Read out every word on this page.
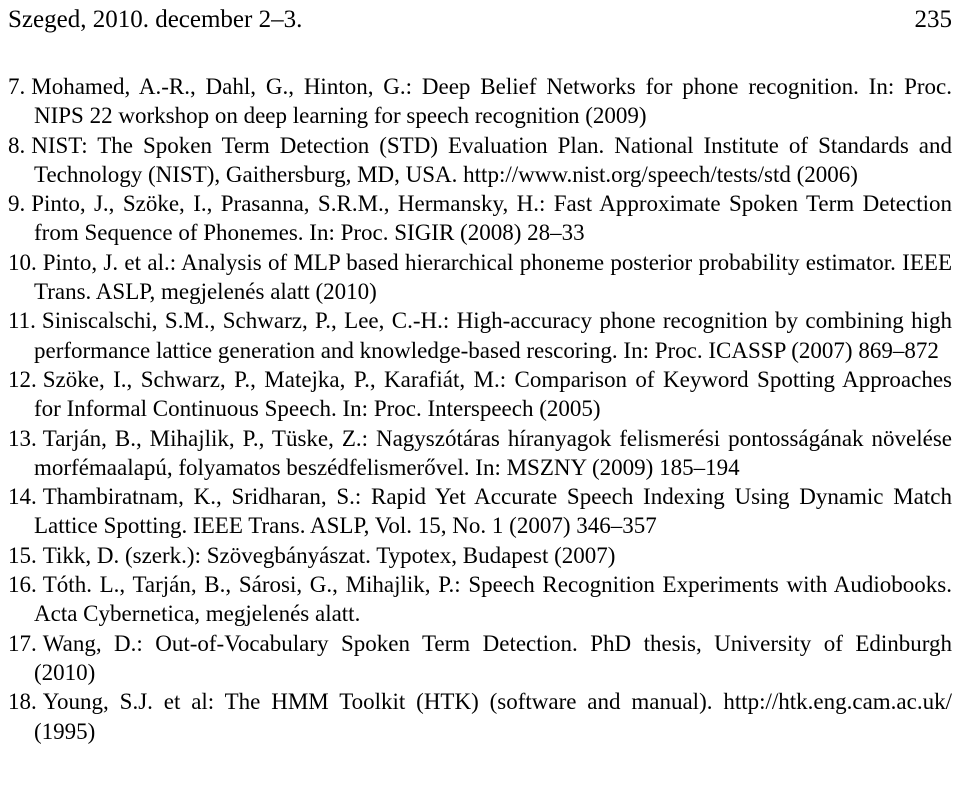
Szeged, 2010. december 2–3.	235
7. Mohamed, A.-R., Dahl, G., Hinton, G.: Deep Belief Networks for phone recognition. In: Proc. NIPS 22 workshop on deep learning for speech recognition (2009)
8. NIST: The Spoken Term Detection (STD) Evaluation Plan. National Institute of Standards and Technology (NIST), Gaithersburg, MD, USA. http://www.nist.org/speech/tests/std (2006)
9. Pinto, J., Szöke, I., Prasanna, S.R.M., Hermansky, H.: Fast Approximate Spoken Term Detection from Sequence of Phonemes. In: Proc. SIGIR (2008) 28–33
10. Pinto, J. et al.: Analysis of MLP based hierarchical phoneme posterior probability estimator. IEEE Trans. ASLP, megjelenés alatt (2010)
11. Siniscalschi, S.M., Schwarz, P., Lee, C.-H.: High-accuracy phone recognition by combining high performance lattice generation and knowledge-based rescoring. In: Proc. ICASSP (2007) 869–872
12. Szöke, I., Schwarz, P., Matejka, P., Karafiát, M.: Comparison of Keyword Spotting Approaches for Informal Continuous Speech. In: Proc. Interspeech (2005)
13. Tarján, B., Mihajlik, P., Tüske, Z.: Nagyszótáras híranyagok felismerési pontosságának növelése morfémaalapú, folyamatos beszédfelismerővel. In: MSZNY (2009) 185–194
14. Thambiratnam, K., Sridharan, S.: Rapid Yet Accurate Speech Indexing Using Dynamic Match Lattice Spotting. IEEE Trans. ASLP, Vol. 15, No. 1 (2007) 346–357
15. Tikk, D. (szerk.): Szövegbányászat. Typotex, Budapest (2007)
16. Tóth. L., Tarján, B., Sárosi, G., Mihajlik, P.: Speech Recognition Experiments with Audiobooks. Acta Cybernetica, megjelenés alatt.
17. Wang, D.: Out-of-Vocabulary Spoken Term Detection. PhD thesis, University of Edinburgh (2010)
18. Young, S.J. et al: The HMM Toolkit (HTK) (software and manual). http://htk.eng.cam.ac.uk/ (1995)
